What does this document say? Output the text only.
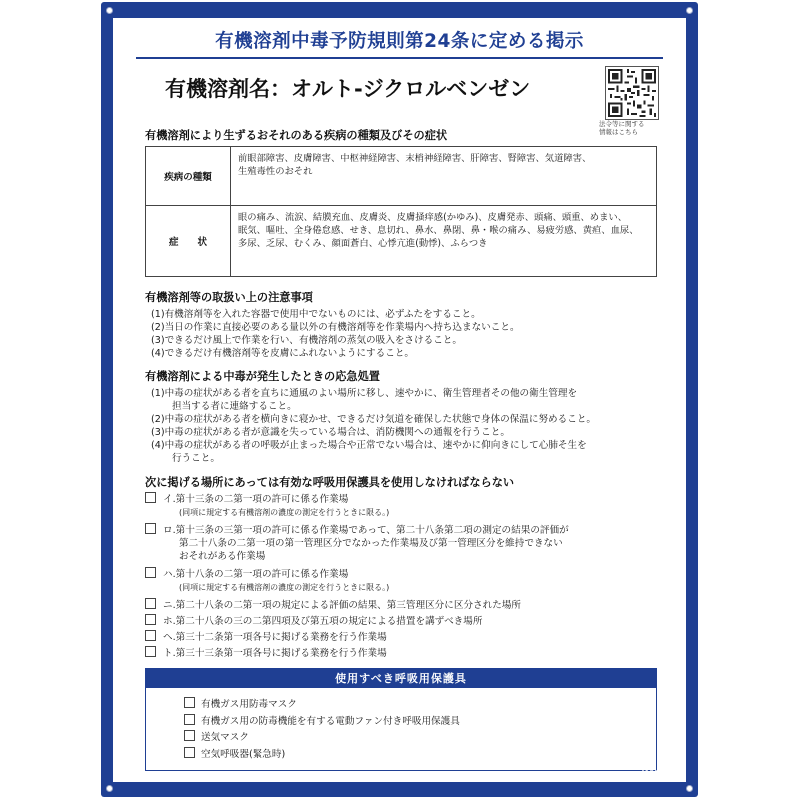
有機溶剤中毒予防規則第24条に定める掲示
有機溶剤名：オルト-ジクロルベンゼン
法令等に関する
情報はこちら
有機溶剤により生ずるおそれのある疾病の種類及びその症状
疾病の種類
前眼部障害、皮膚障害、中枢神経障害、末梢神経障害、肝障害、腎障害、気道障害、
生殖毒性のおそれ
症　　状
眼の痛み、流涙、結膜充血、皮膚炎、皮膚掻痒感(かゆみ)、皮膚発赤、頭痛、頭重、めまい、
眠気、嘔吐、全身倦怠感、せき、息切れ、鼻水、鼻閉、鼻・喉の痛み、易疲労感、黄疸、血尿、
多尿、乏尿、むくみ、顔面蒼白、心悸亢進(動悸)、ふらつき
有機溶剤等の取扱い上の注意事項
(1)有機溶剤等を入れた容器で使用中でないものには、必ずふたをすること。
(2)当日の作業に直接必要のある量以外の有機溶剤等を作業場内へ持ち込まないこと。
(3)できるだけ風上で作業を行い、有機溶剤の蒸気の吸入をさけること。
(4)できるだけ有機溶剤等を皮膚にふれないようにすること。
有機溶剤による中毒が発生したときの応急処置
(1)中毒の症状がある者を直ちに通風のよい場所に移し、速やかに、衛生管理者その他の衛生管理を
担当する者に連絡すること。
(2)中毒の症状がある者を横向きに寝かせ、できるだけ気道を確保した状態で身体の保温に努めること。
(3)中毒の症状がある者が意識を失っている場合は、消防機関への通報を行うこと。
(4)中毒の症状がある者の呼吸が止まった場合や正常でない場合は、速やかに仰向きにして心肺そ生を
行うこと。
次に掲げる場所にあっては有効な呼吸用保護具を使用しなければならない
イ.第十三条の二第一項の許可に係る作業場
(同項に規定する有機溶剤の濃度の測定を行うときに限る。)
ロ.第十三条の三第一項の許可に係る作業場であって、第二十八条第二項の測定の結果の評価が
第二十八条の二第一項の第一管理区分でなかった作業場及び第一管理区分を維持できない
おそれがある作業場
ハ.第十八条の二第一項の許可に係る作業場
(同項に規定する有機溶剤の濃度の測定を行うときに限る。)
ニ.第二十八条の二第一項の規定による評価の結果、第三管理区分に区分された場所
ホ.第二十八条の三の二第四項及び第五項の規定による措置を講ずべき場所
ヘ.第三十二条第一項各号に掲げる業務を行う作業場
ト.第三十三条第一項各号に掲げる業務を行う作業場
使用すべき呼吸用保護具
有機ガス用防毒マスク
有機ガス用の防毒機能を有する電動ファン付き呼吸用保護具
送気マスク
空気呼吸器(緊急時)
412512
